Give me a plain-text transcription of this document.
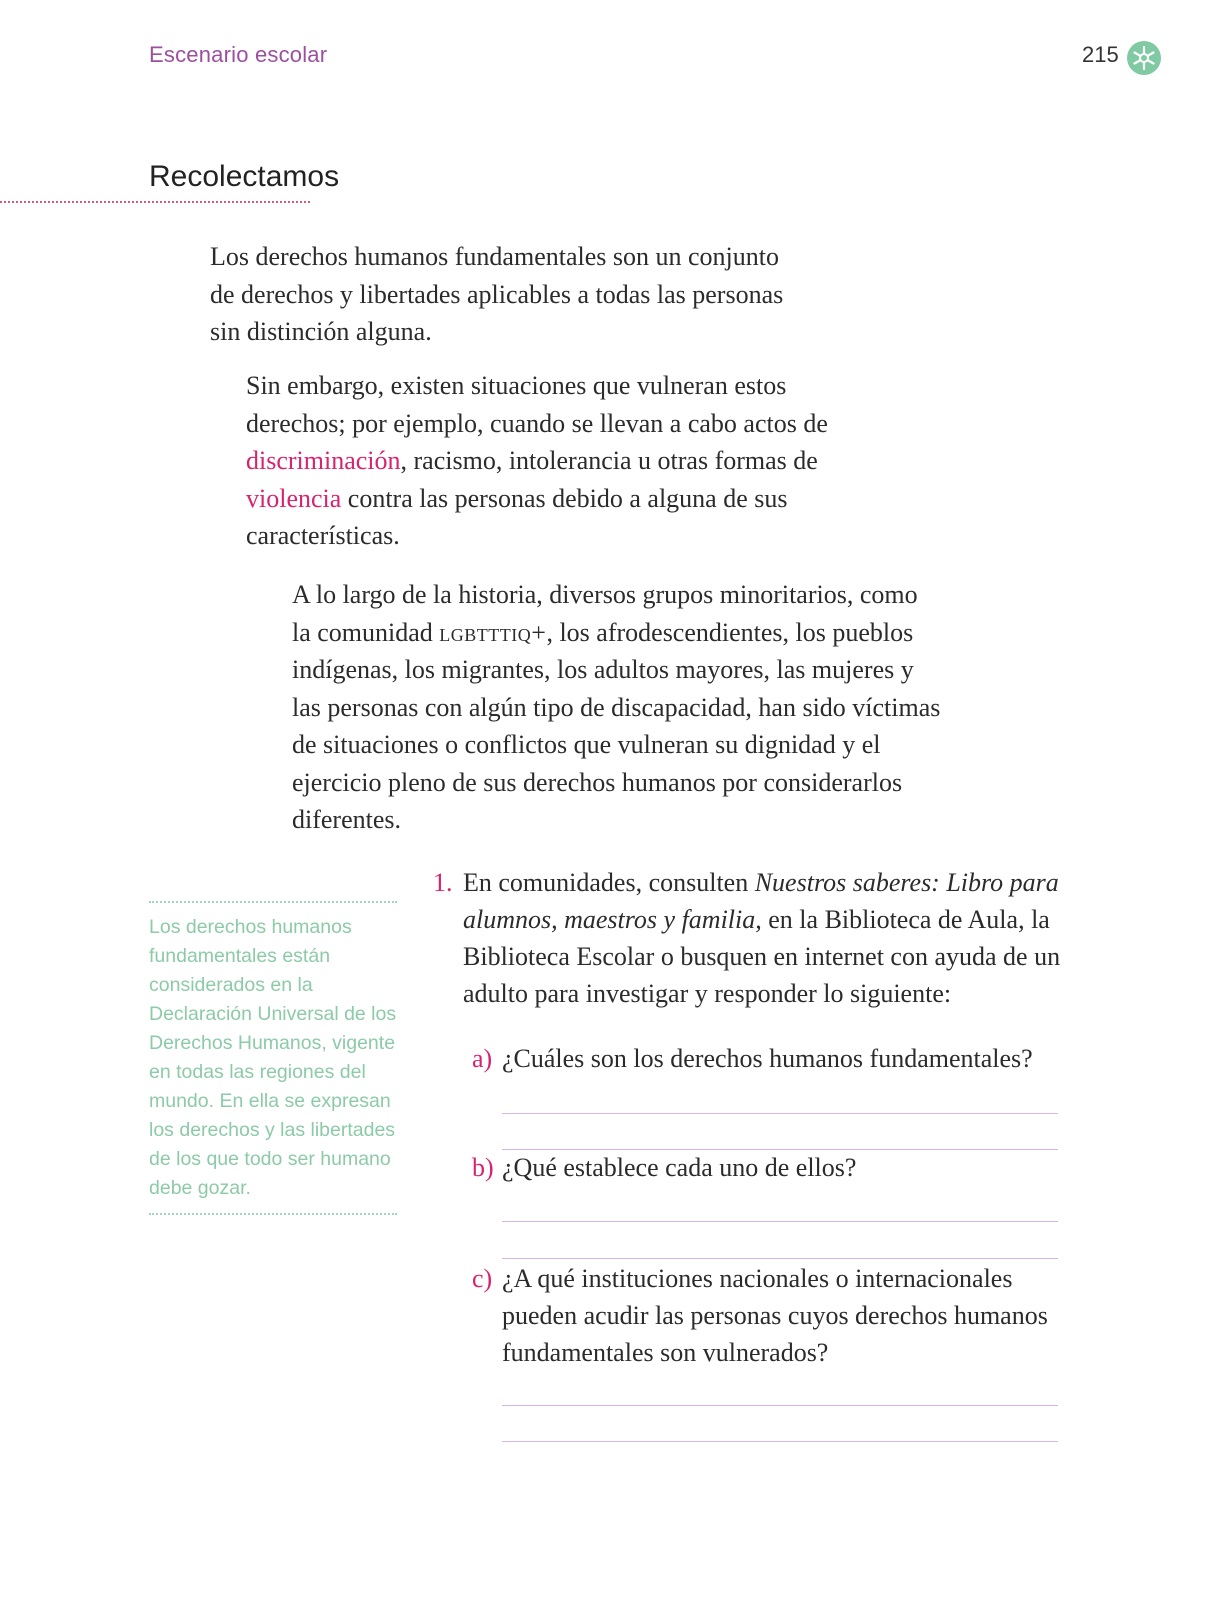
Escenario escolar	215
Recolectamos
Los derechos humanos fundamentales son un conjunto de derechos y libertades aplicables a todas las personas sin distinción alguna.
Sin embargo, existen situaciones que vulneran estos derechos; por ejemplo, cuando se llevan a cabo actos de discriminación, racismo, intolerancia u otras formas de violencia contra las personas debido a alguna de sus características.
A lo largo de la historia, diversos grupos minoritarios, como la comunidad lgbtttiq+, los afrodescendientes, los pueblos indígenas, los migrantes, los adultos mayores, las mujeres y las personas con algún tipo de discapacidad, han sido víctimas de situaciones o conflictos que vulneran su dignidad y el ejercicio pleno de sus derechos humanos por considerarlos diferentes.
Los derechos humanos fundamentales están considerados en la Declaración Universal de los Derechos Humanos, vigente en todas las regiones del mundo. En ella se expresan los derechos y las libertades de los que todo ser humano debe gozar.
1. En comunidades, consulten Nuestros saberes: Libro para alumnos, maestros y familia, en la Biblioteca de Aula, la Biblioteca Escolar o busquen en internet con ayuda de un adulto para investigar y responder lo siguiente:
a) ¿Cuáles son los derechos humanos fundamentales?
b) ¿Qué establece cada uno de ellos?
c) ¿A qué instituciones nacionales o internacionales pueden acudir las personas cuyos derechos humanos fundamentales son vulnerados?
